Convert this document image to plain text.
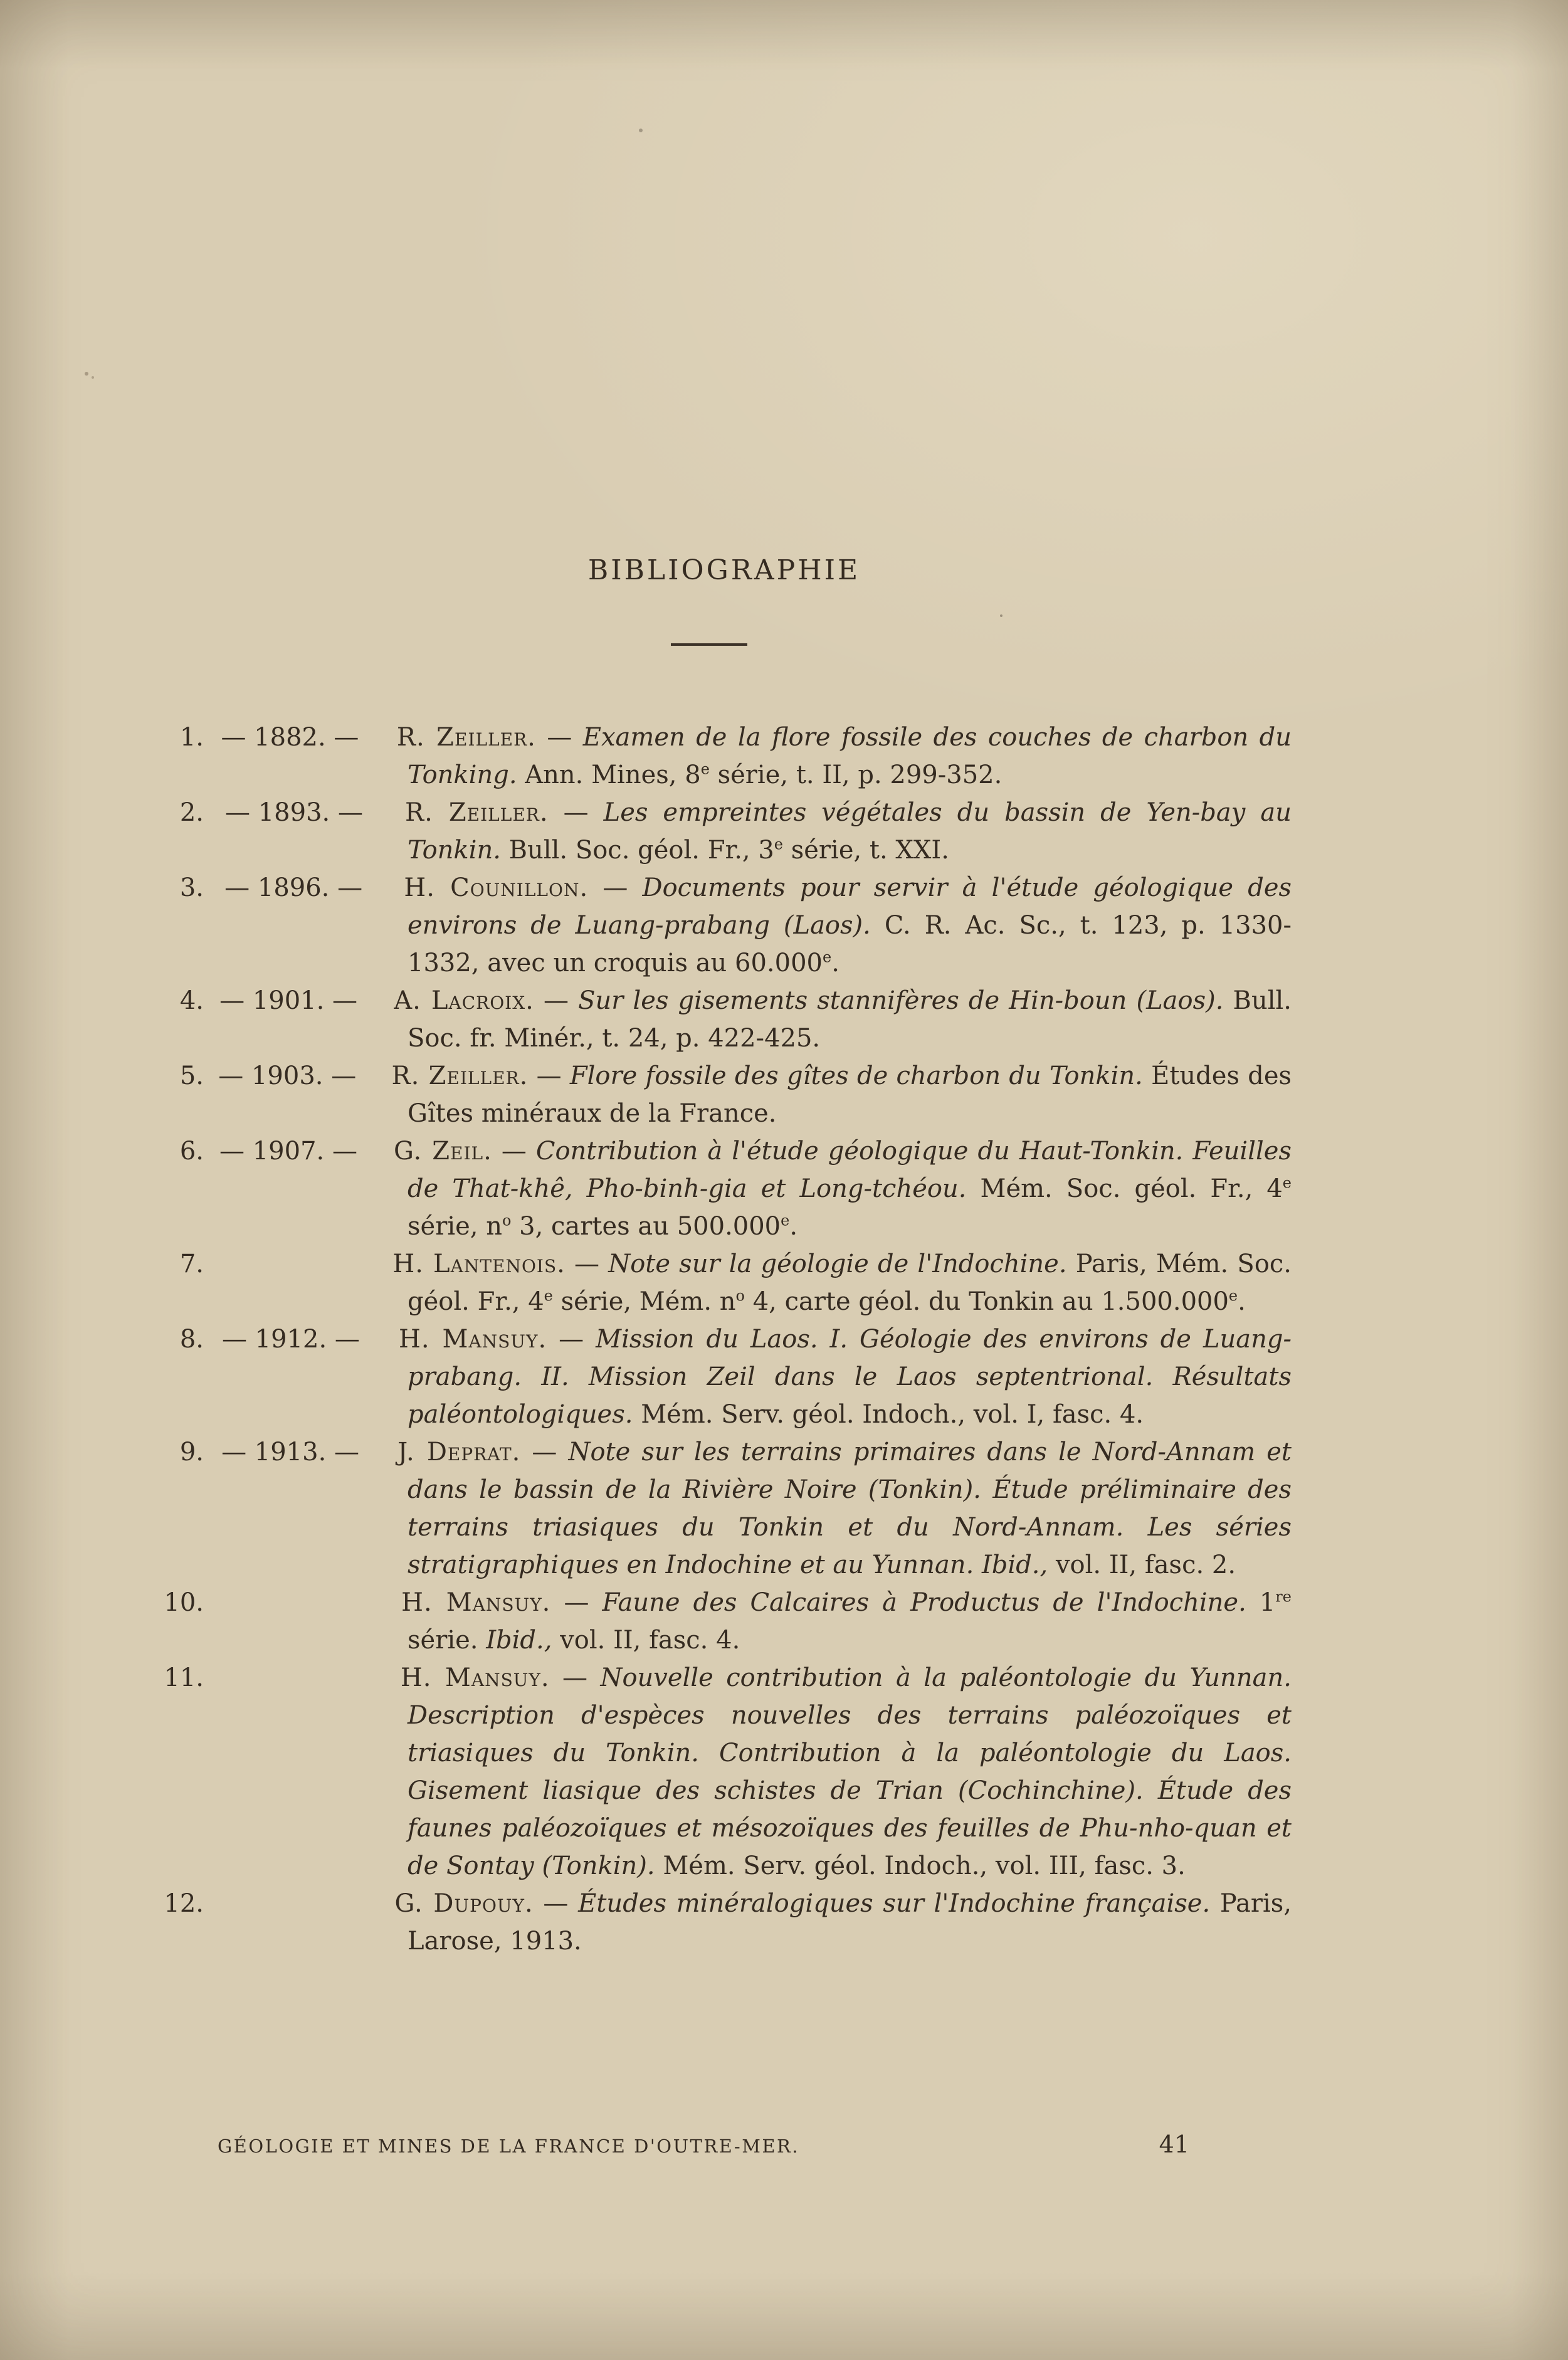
BIBLIOGRAPHIE
1. — 1882. — R. Zeiller. — Examen de la flore fossile des couches de charbon du Tonking. Ann. Mines, 8e série, t. II, p. 299-352.
2. — 1893. — R. Zeiller. — Les empreintes végétales du bassin de Yen-bay au Tonkin. Bull. Soc. géol. Fr., 3e série, t. XXI.
3. — 1896. — H. Counillon. — Documents pour servir à l'étude géologique des environs de Luang-prabang (Laos). C. R. Ac. Sc., t. 123, p. 1330-1332, avec un croquis au 60.000e.
4. — 1901. — A. Lacroix. — Sur les gisements stannifères de Hin-boun (Laos). Bull. Soc. fr. Minér., t. 24, p. 422-425.
5. — 1903. — R. Zeiller. — Flore fossile des gîtes de charbon du Tonkin. Études des Gîtes minéraux de la France.
6. — 1907. — G. Zeil. — Contribution à l'étude géologique du Haut-Tonkin. Feuilles de That-khê, Pho-binh-gia et Long-tchéou. Mém. Soc. géol. Fr., 4e série, $n^o$ 3, cartes au 500.000e.
7.	H. Lantenois. — Note sur la géologie de l'Indochine. Paris, Mém. Soc. géol. Fr., 4e série, Mém. $n^o$ 4, carte géol. du Tonkin au 1.500.000e.
8. — 1912. — H. Mansuy. — Mission du Laos. I. Géologie des environs de Luang-prabang. II. Mission Zeil dans le Laos septentrional. Résultats paléontologiques. Mém. Serv. géol. Indoch., vol. I, fasc. 4.
9. — 1913. — J. Deprat. — Note sur les terrains primaires dans le Nord-Annam et dans le bassin de la Rivière Noire (Tonkin). Étude préliminaire des terrains triasiques du Tonkin et du Nord-Annam. Les séries stratigraphiques en Indochine et au Yunnan. Ibid., vol. II, fasc. 2.
10.	H. Mansuy. — Faune des Calcaires à Productus de l'Indochine. 1re série. Ibid., vol. II, fasc. 4.
11.	H. Mansuy. — Nouvelle contribution à la paléontologie du Yunnan. Description d'espèces nouvelles des terrains paléozoïques et triasiques du Tonkin. Contribution à la paléontologie du Laos. Gisement liasique des schistes de Trian (Cochinchine). Étude des faunes paléozoïques et mésozoïques des feuilles de Phu-nho-quan et de Sontay (Tonkin). Mém. Serv. géol. Indoch., vol. III, fasc. 3.
12.	G. Dupouy. — Études minéralogiques sur l'Indochine française. Paris, Larose, 1913.
GÉOLOGIE ET MINES DE LA FRANCE D'OUTRE-MER.	41
